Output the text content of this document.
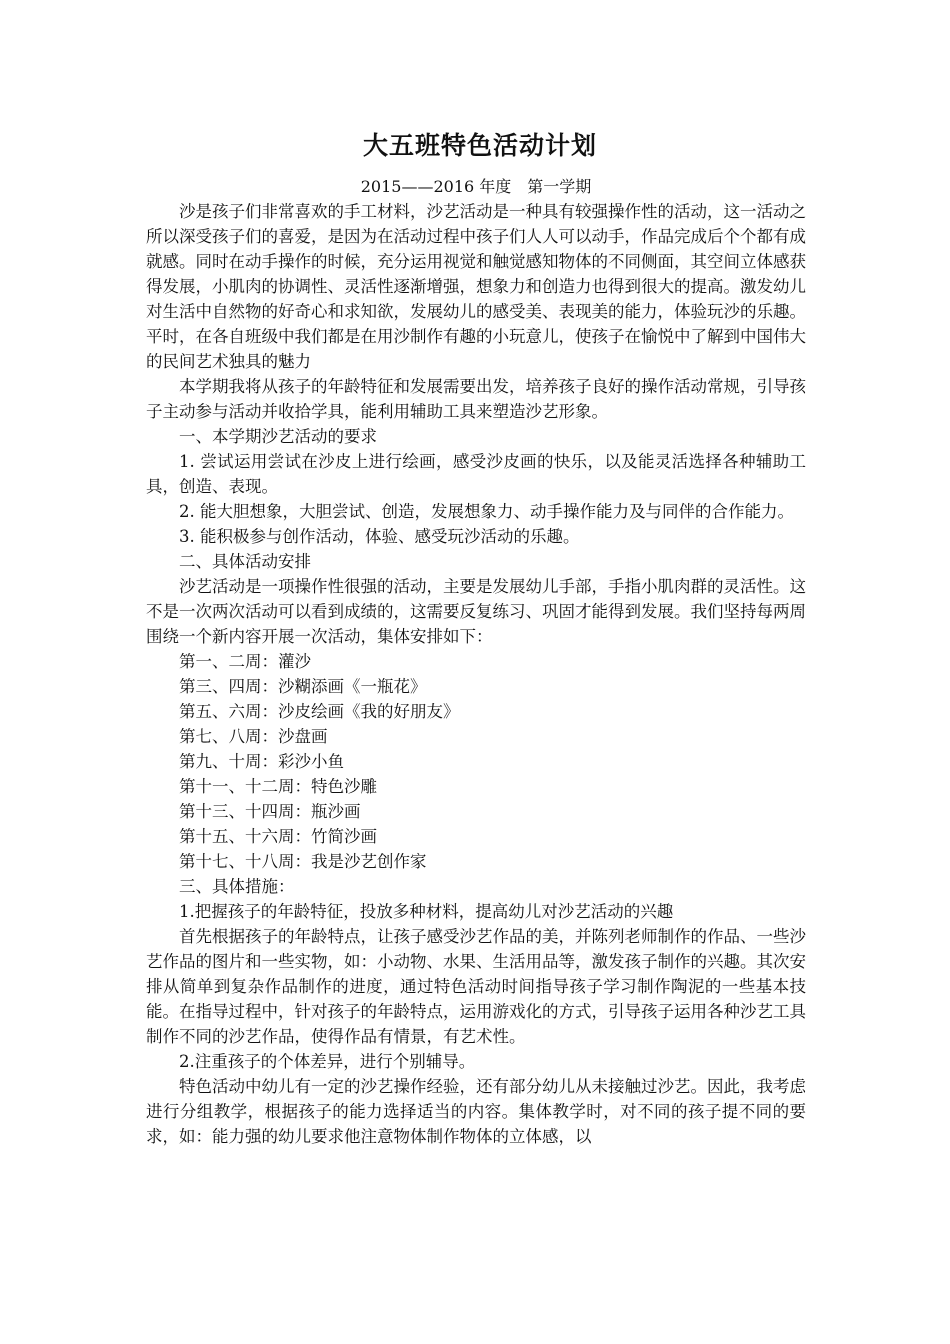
大五班特色活动计划

2015——2016 年度　第一学期

沙是孩子们非常喜欢的手工材料，沙艺活动是一种具有较强操作性的活动，这一活动之所以深受孩子们的喜爱，是因为在活动过程中孩子们人人可以动手，作品完成后个个都有成就感。同时在动手操作的时候，充分运用视觉和触觉感知物体的不同侧面，其空间立体感获得发展，小肌肉的协调性、灵活性逐渐增强，想象力和创造力也得到很大的提高。激发幼儿对生活中自然物的好奇心和求知欲，发展幼儿的感受美、表现美的能力，体验玩沙的乐趣。平时，在各自班级中我们都是在用沙制作有趣的小玩意儿，使孩子在愉悦中了解到中国伟大的民间艺术独具的魅力

本学期我将从孩子的年龄特征和发展需要出发，培养孩子良好的操作活动常规，引导孩子主动参与活动并收拾学具，能利用辅助工具来塑造沙艺形象。

一、本学期沙艺活动的要求

1. 尝试运用尝试在沙皮上进行绘画，感受沙皮画的快乐，以及能灵活选择各种辅助工具，创造、表现。

2. 能大胆想象，大胆尝试、创造，发展想象力、动手操作能力及与同伴的合作能力。

3. 能积极参与创作活动，体验、感受玩沙活动的乐趣。

二、具体活动安排

沙艺活动是一项操作性很强的活动，主要是发展幼儿手部，手指小肌肉群的灵活性。这不是一次两次活动可以看到成绩的，这需要反复练习、巩固才能得到发展。我们坚持每两周围绕一个新内容开展一次活动，集体安排如下：

第一、二周：灌沙
第三、四周：沙糊添画《一瓶花》
第五、六周：沙皮绘画《我的好朋友》
第七、八周：沙盘画
第九、十周：彩沙小鱼
第十一、十二周：特色沙雕
第十三、十四周：瓶沙画
第十五、十六周：竹简沙画
第十七、十八周：我是沙艺创作家

三、具体措施：

1.把握孩子的年龄特征，投放多种材料，提高幼儿对沙艺活动的兴趣

首先根据孩子的年龄特点，让孩子感受沙艺作品的美，并陈列老师制作的作品、一些沙艺作品的图片和一些实物，如：小动物、水果、生活用品等，激发孩子制作的兴趣。其次安排从简单到复杂作品制作的进度，通过特色活动时间指导孩子学习制作陶泥的一些基本技能。在指导过程中，针对孩子的年龄特点，运用游戏化的方式，引导孩子运用各种沙艺工具制作不同的沙艺作品，使得作品有情景，有艺术性。

2.注重孩子的个体差异，进行个别辅导。

特色活动中幼儿有一定的沙艺操作经验，还有部分幼儿从未接触过沙艺。因此，我考虑进行分组教学，根据孩子的能力选择适当的内容。集体教学时，对不同的孩子提不同的要求，如：能力强的幼儿要求他注意物体制作物体的立体感，以
